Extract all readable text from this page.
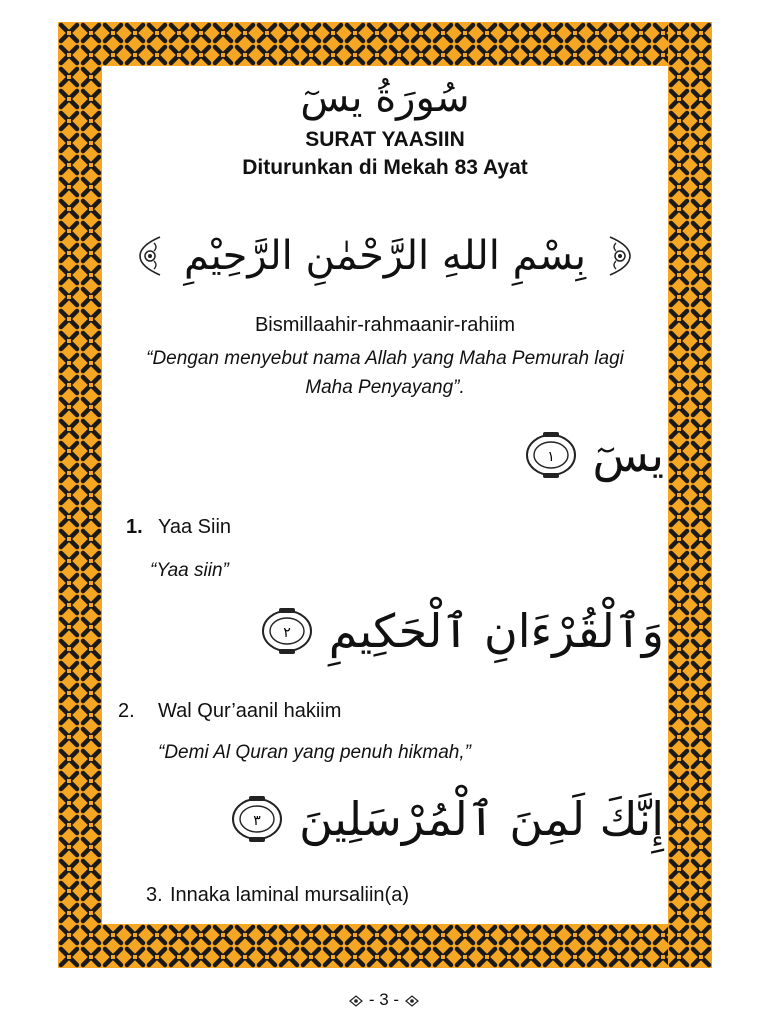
سُورَةُ يسٓ
SURAT YAASIIN
Diturunkan di Mekah 83 Ayat
بِسْمِ اللهِ الرَّحْمٰنِ الرَّحِيْمِ
Bismillaahir-rahmaanir-rahiim
“Dengan menyebut nama Allah yang Maha Pemurah lagi Maha Penyayang”.
١ يسٓ
1. Yaa Siin
“Yaa siin”
٢ وَٱلْقُرْءَانِ ٱلْحَكِيمِ
2. Wal Qur’aanil hakiim
“Demi Al Quran yang penuh hikmah,”
٣ إِنَّكَ لَمِنَ ٱلْمُرْسَلِينَ
3. Innaka laminal mursaliin(a)
- 3 -
